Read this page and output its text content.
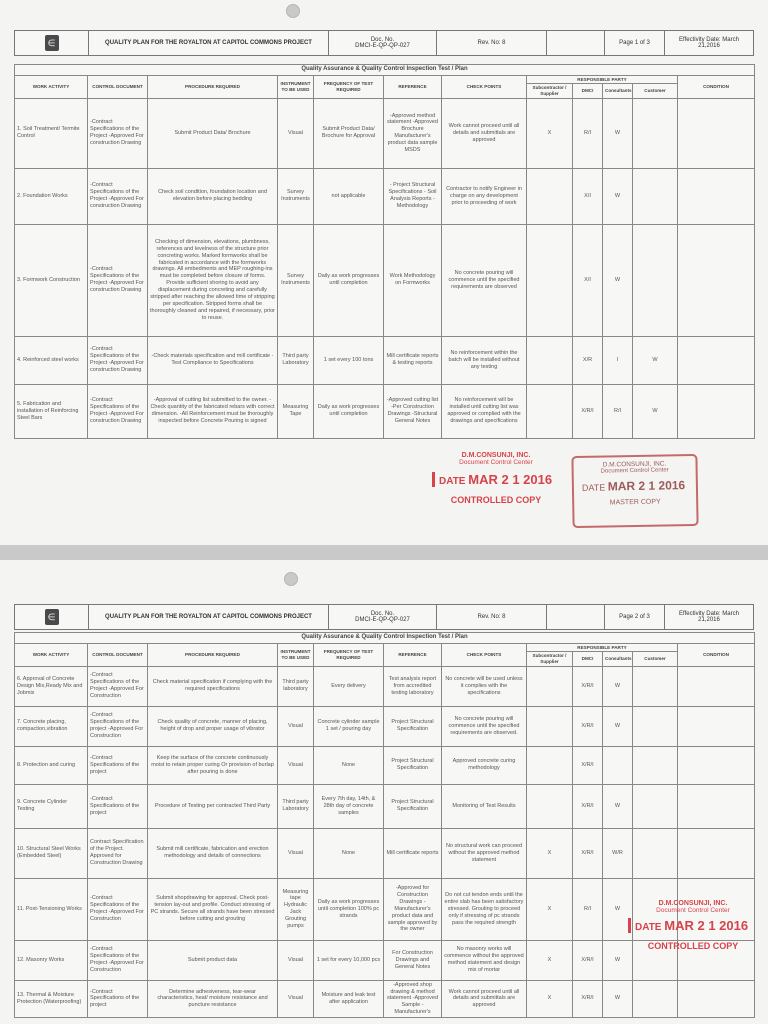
∈	QUALITY PLAN FOR THE ROYALTON AT CAPITOL COMMONS PROJECT	Doc. No.
DMCI-E-QP-QP-027	Rev. No: 8	Page 1 of 3	Effectivity Date: March 21,2016
Quality Assurance & Quality Control Inspection Test / Plan											
WORK ACTIVITY	CONTROL DOCUMENT	PROCEDURE REQUIRED	INSTRUMENT TO BE USED	FREQUENCY OF TEST REQUIRED	REFERENCE	CHECK POINTS	RESPONSIBLE PARTY				CONDITION
							Subcontractor / Supplier	DMCI	Consultants	Customer	
1. Soil Treatment/ Termite Control	-Contract Specifications of the Project -Approved For construction Drawing	Submit Product Data/ Brochure	Visual	Submit Product Data/ Brochure for Approval	-Approved method statement -Approved Brochure Manufacturer's product data sample MSDS	Work cannot proceed until all details and submittals are approved	X	R/I	W		
2. Foundation Works	-Contract Specifications of the Project -Approved For construction Drawing	Check soil condition, foundation location and elevation before placing bedding	Survey Instruments	not applicable	- Project Structural Specifications - Soil Analysis Reports - Methodology	Contractor to notify Engineer in charge on any development prior to proceeding of work		X/I	W		
3. Formwork Construction	-Contract Specifications of the Project -Approved For construction Drawing	Checking of dimension, elevations, plumbness, references and levelness of the structure prior concreting works. Marked formworks shall be fabricated in accordance with the formworks drawings. All embedments and MEP roughing-ins must be completed before closure of forms. Provide sufficient shoring to avoid any displacement during concreting and carefully stripped after reaching the allowed time of stripping per specification. Stripped forms shall be thoroughly cleaned and repaired, if necessary, prior to reuse.	Survey Instruments	Daily as work progresses until completion	Work Methodology on Formworks	No concrete pouring will commence until the specified requirements are observed		X/I	W		
4. Reinforced steel works	-Contract Specifications of the Project -Approved For construction Drawing	-Check materials specification and mill certificate -Test Compliance to Specifications	Third party Laboratory	1 set every 100 tons	Mill certificate reports & testing reports	No reinforcement within the batch will be installed without any testing		X/R	I	W	
5. Fabrication and installation of Reinforcing Steel Bars	-Contract Specifications of the Project -Approved For construction Drawing	-Approval of cutting list submitted to the owner. -Check quantity of the fabricated rebars with correct dimension. -All Reinforcement must be thoroughly inspected before Concrete Pouring is signed	Measuring Tape	Daily as work progresses until completion	-Approved cutting list -Per Construction Drawings -Structural General Notes	No reinforcement will be installed until cutting list was approved or complied with the drawings and specifications		X/R/I	R/I	W	
D.M.CONSUNJI, INC.
Document Control Center
DATE MAR 2 1 2016
CONTROLLED COPY
D.M.CONSUNJI, INC.
Document Control Center
DATE MAR 2 1 2016
MASTER COPY
∈	QUALITY PLAN FOR THE ROYALTON AT CAPITOL COMMONS PROJECT	Doc. No.
DMCI-E-QP-QP-027	Rev. No: 8	Page 2 of 3	Effectivity Date: March 21,2016
Quality Assurance & Quality Control Inspection Test / Plan											
WORK ACTIVITY	CONTROL DOCUMENT	PROCEDURE REQUIRED	INSTRUMENT TO BE USED	FREQUENCY OF TEST REQUIRED	REFERENCE	CHECK POINTS	RESPONSIBLE PARTY				CONDITION
							Subcontractor / Supplier	DMCI	Consultants	Customer	
6. Approval of Concrete Design Mix,Ready Mix and Jobmix	-Contract Specifications of the Project -Approved For Construction	Check material specification if complying with the required specifications	Third party laboratory	Every delivery	Test analysis report from accredited testing laboratory	No concrete will be used unless it complies with the specifications		X/R/I	W		
7. Concrete placing, compaction,vibration	-Contract Specifications of the project -Approved For Construction	Check quality of concrete, manner of placing, height of drop and proper usage of vibrator	Visual	Concrete cylinder sample 1 set / pouring day	Project Structural Specification	No concrete pouring will commence until the specified requirements are observed.		X/R/I	W		
8. Protection and curing	-Contract Specifications of the project	Keep the surface of the concrete continuously moist to retain proper curing Or provision of burlap after pouring is done	Visual	None	Project Structural Specification	Approved concrete curing methodology		X/R/I			
9. Concrete Cylinder Testing	-Contract Specifications of the project	Procedure of Testing per contracted Third Party	Third party Laboratory	Every 7th day, 14th, & 28th day of concrete samples	Project Structural Specification	Monitoring of Test Results		X/R/I	W		
10. Structural Steel Works (Embedded Steel)	Contract Specification of the Project. Approved for Construction Drawing	Submit mill certificate, fabrication and erection methodology and details of connections	Visual	None	Mill certificate reports	No structural work can proceed without the approved method statement	X	X/R/I	W/R		
11. Post-Tensioning Works	-Contract Specifications of the Project -Approved For Construction	Submit shopdrawing for approval. Check post-tension lay-out and profile. Conduct stressing of PC strands. Secure all strands have been stressed before cutting and grouting	Measuring tape Hydraulic Jack Grouting pumps	Daily as work progresses until completion 100% pc strands	-Approved for Construction Drawings -Manufacturer's product data and sample approved by the owner	Do not cut tendon ends until the entire slab has been satisfactory stressed. Grouting to proceed only if stressing of pc strands pass the required strength	X	R/I	W		
12. Masonry Works	-Contract Specifications of the Project -Approved For Construction	Submit product data	Visual	1 set for every 10,000 pcs	For Construction Drawings and General Notes	No masonry works will commence without the approved method statement and design mix of mortar	X	X/R/I	W		
13. Thermal & Moisture Protection (Waterproofing)	-Contract Specifications of the project	Determine adhesiveness, tear-wear characteristics, heat/ moisture resistance and puncture resistance	Visual	Moisture and leak test after application	-Approved shop drawing & method statement -Approved Sample -Manufacturer's	Work cannot proceed until all details and submittals are approved	X	X/R/I	W		
D.M.CONSUNJI, INC.
Document Control Center
DATE MAR 2 1 2016
CONTROLLED COPY
